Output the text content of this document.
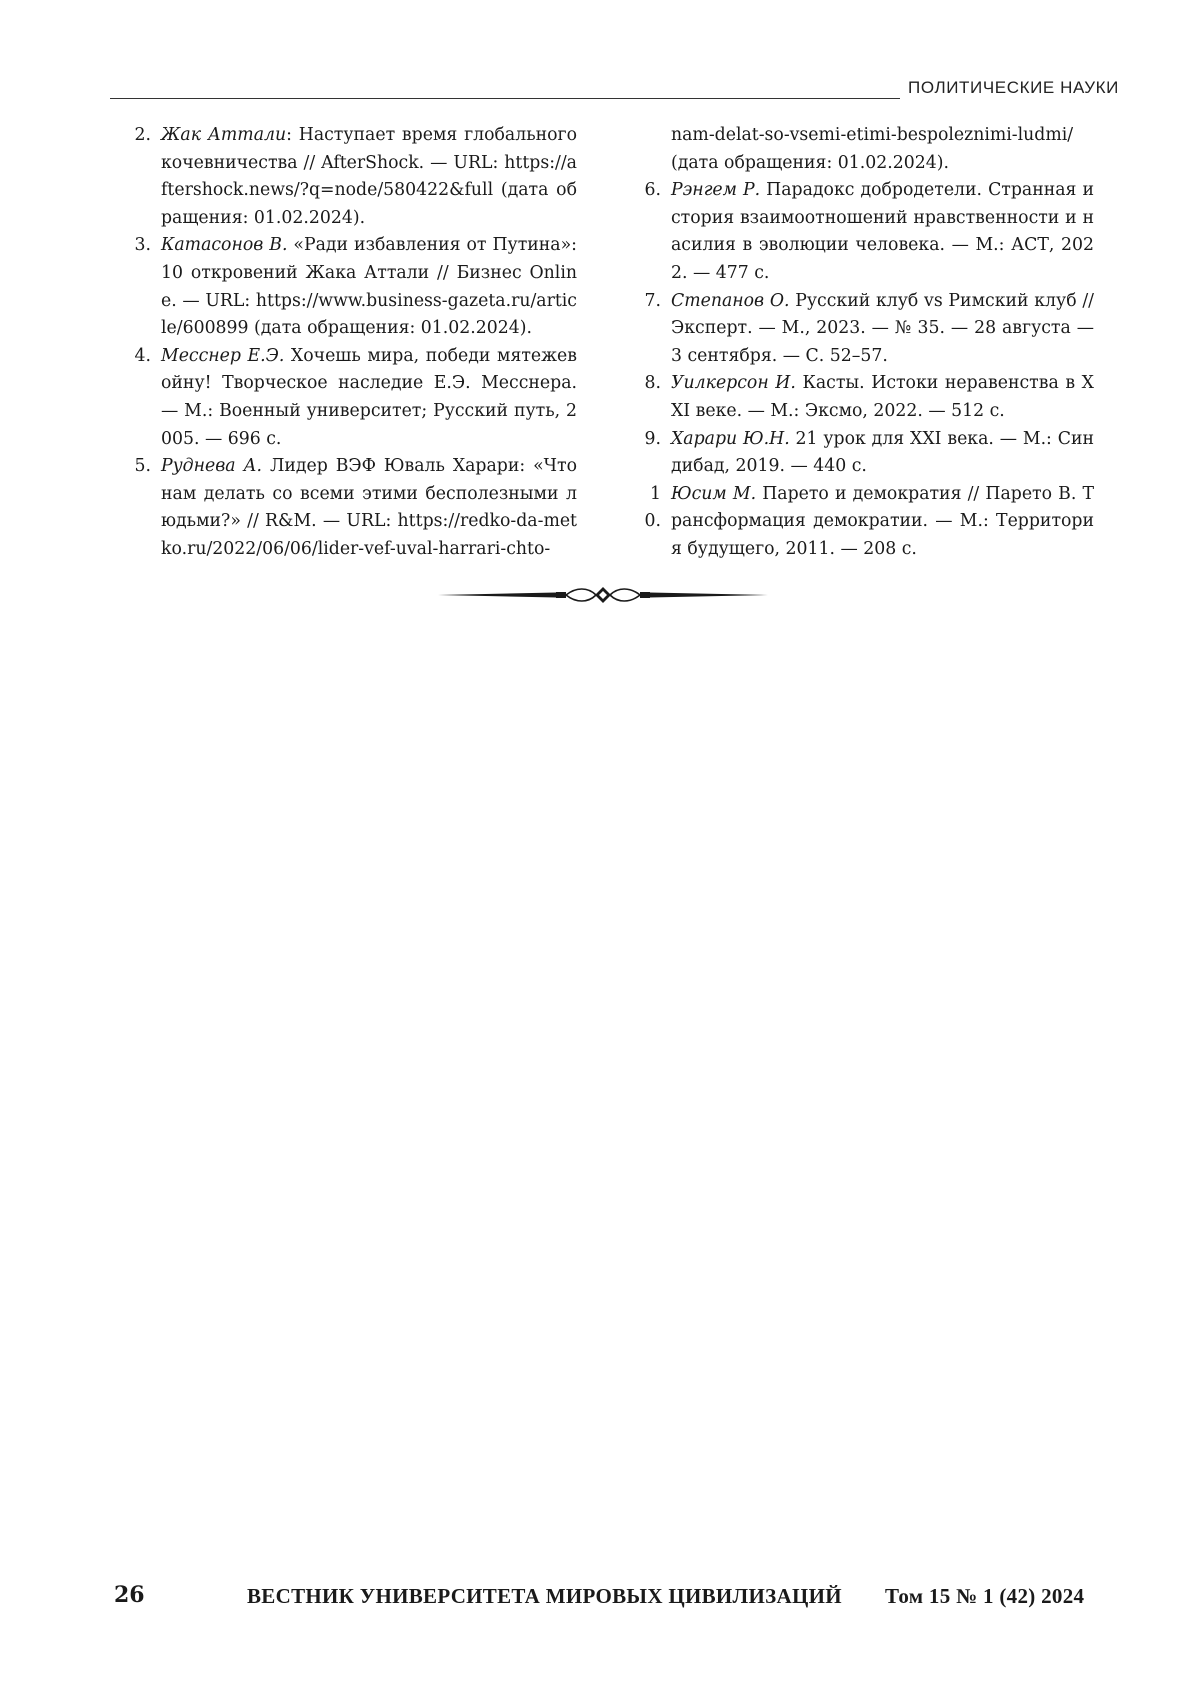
ПОЛИТИЧЕСКИЕ НАУКИ
2. Жак Аттали: Наступает время глобального кочевничества // AfterShock. — URL: https://aftershock.news/?q=node/580422&full (дата обращения: 01.02.2024).
3. Катасонов В. «Ради избавления от Путина»: 10 откровений Жака Аттали // Бизнес Online. — URL: https://www.business-gazeta.ru/article/600899 (дата обращения: 01.02.2024).
4. Месснер Е.Э. Хочешь мира, победи мятежевойну! Творческое наследие Е.Э. Месснера. — М.: Военный университет; Русский путь, 2005. — 696 с.
5. Руднева А. Лидер ВЭФ Юваль Харари: «Что нам делать со всеми этими бесполезными людьми?» // R&M. — URL: https://redko-da-metko.ru/2022/06/06/lider-vef-uval-harrari-chto-
nam-delat-so-vsemi-etimi-bespoleznimi-ludmi/ (дата обращения: 01.02.2024).
6. Рэнгем Р. Парадокс добродетели. Странная история взаимоотношений нравственности и насилия в эволюции человека. — М.: АСТ, 2022. — 477 с.
7. Степанов О. Русский клуб vs Римский клуб // Эксперт. — М., 2023. — № 35. — 28 августа — 3 сентября. — С. 52–57.
8. Уилкерсон И. Касты. Истоки неравенства в XXI веке. — М.: Эксмо, 2022. — 512 с.
9. Харари Ю.Н. 21 урок для XXI века. — М.: Синдибад, 2019. — 440 с.
10.
Юсим М. Парето и демократия // Парето В. Трансформация демократии. — М.: Территория будущего, 2011. — 208 с.
26	ВЕСТНИК УНИВЕРСИТЕТА МИРОВЫХ ЦИВИЛИЗАЦИЙ Том 15 № 1 (42) 2024
